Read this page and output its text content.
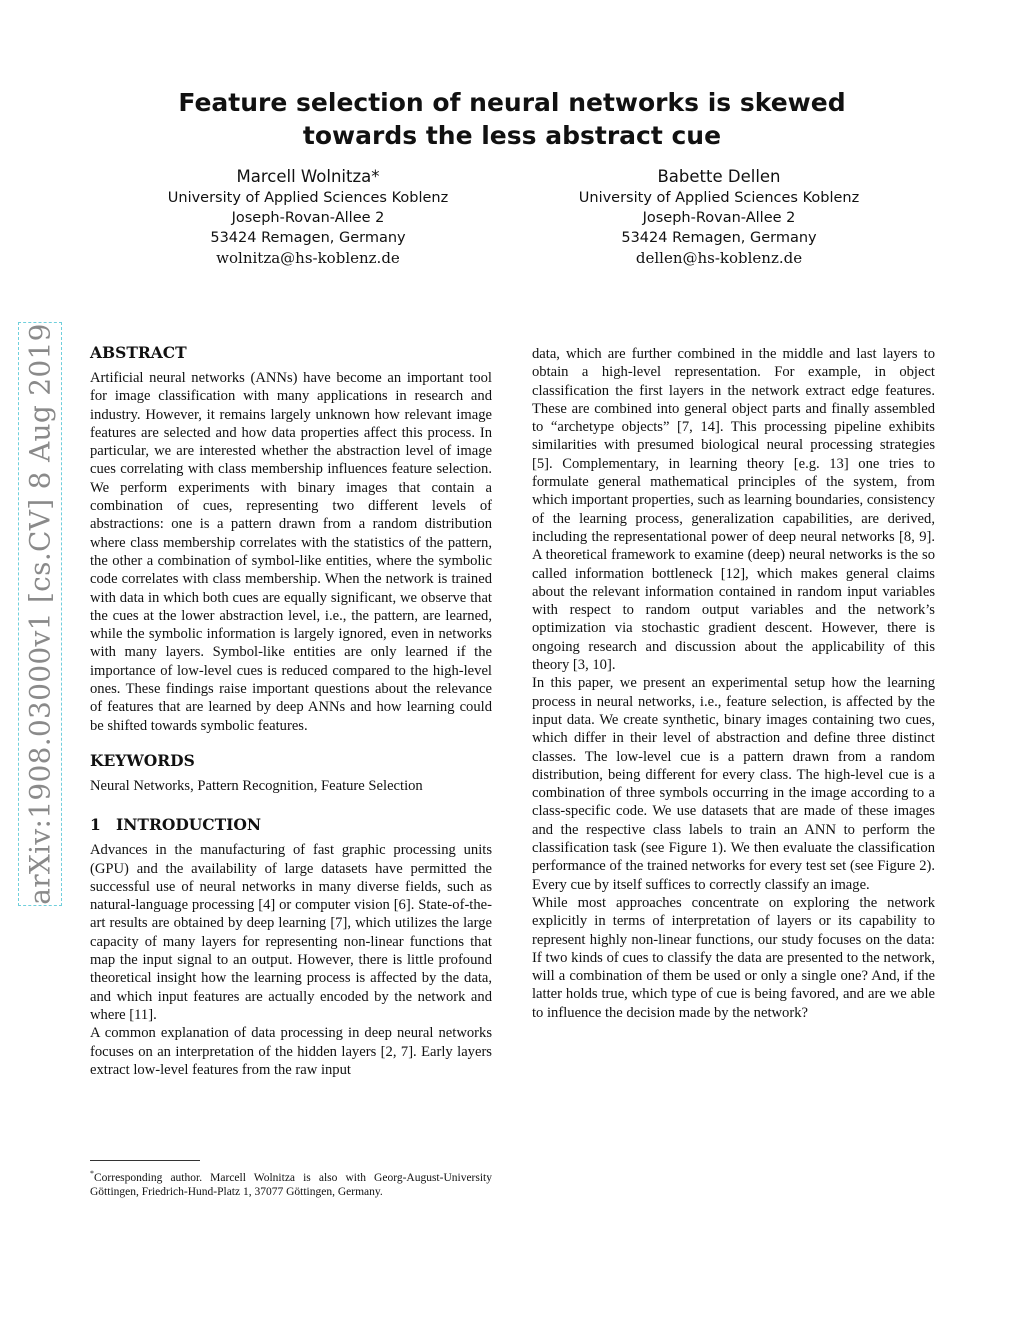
Feature selection of neural networks is skewed
towards the less abstract cue
Marcell Wolnitza*
University of Applied Sciences Koblenz
Joseph-Rovan-Allee 2
53424 Remagen, Germany
wolnitza@hs-koblenz.de
Babette Dellen
University of Applied Sciences Koblenz
Joseph-Rovan-Allee 2
53424 Remagen, Germany
dellen@hs-koblenz.de
arXiv:1908.03000v1 [cs.CV] 8 Aug 2019 ABSTRACT

Artificial neural networks (ANNs) have become an important tool for image classification with many applications in research and industry. However, it remains largely unknown how relevant image features are selected and how data properties affect this process. In particular, we are interested whether the abstraction level of image cues correlating with class membership influences feature selection. We perform experiments with binary images that contain a combination of cues, representing two different levels of abstractions: one is a pattern drawn from a random distribution where class membership correlates with the statistics of the pattern, the other a combination of symbol-like entities, where the symbolic code correlates with class membership. When the network is trained with data in which both cues are equally significant, we observe that the cues at the lower abstraction level, i.e., the pattern, are learned, while the symbolic information is largely ignored, even in networks with many layers. Symbol-like entities are only learned if the importance of low-level cues is reduced compared to the high-level ones. These findings raise important questions about the relevance of features that are learned by deep ANNs and how learning could be shifted towards symbolic features.

KEYWORDS

Neural Networks, Pattern Recognition, Feature Selection

1 INTRODUCTION

Advances in the manufacturing of fast graphic processing units (GPU) and the availability of large datasets have permitted the successful use of neural networks in many diverse fields, such as natural-language processing [4] or computer vision [6]. State-of-the-art results are obtained by deep learning [7], which utilizes the large capacity of many layers for representing non-linear functions that map the input signal to an output. However, there is little profound theoretical insight how the learning process is affected by the data, and which input features are actually encoded by the network and where [11].

A common explanation of data processing in deep neural networks focuses on an interpretation of the hidden layers [2, 7]. Early layers extract low-level features from the raw input

data, which are further combined in the middle and last layers to obtain a high-level representation. For example, in object classification the first layers in the network extract edge features. These are combined into general object parts and finally assembled to “archetype objects” [7, 14]. This processing pipeline exhibits similarities with presumed biological neural processing strategies [5]. Complementary, in learning theory [e.g. 13] one tries to formulate general mathematical principles of the system, from which important properties, such as learning boundaries, consistency of the learning process, generalization capabilities, are derived, including the representational power of deep neural networks [8, 9]. A theoretical framework to examine (deep) neural networks is the so called information bottleneck [12], which makes general claims about the relevant information contained in random input variables with respect to random output variables and the network’s optimization via stochastic gradient descent. However, there is ongoing research and discussion about the applicability of this theory [3, 10].

In this paper, we present an experimental setup how the learning process in neural networks, i.e., feature selection, is affected by the input data. We create synthetic, binary images containing two cues, which differ in their level of abstraction and define three distinct classes. The low-level cue is a pattern drawn from a random distribution, being different for every class. The high-level cue is a combination of three symbols occurring in the image according to a class-specific code. We use datasets that are made of these images and the respective class labels to train an ANN to perform the classification task (see Figure 1). We then evaluate the classification performance of the trained networks for every test set (see Figure 2). Every cue by itself suffices to correctly classify an image.

While most approaches concentrate on exploring the network explicitly in terms of interpretation of layers or its capability to represent highly non-linear functions, our study focuses on the data: If two kinds of cues to classify the data are presented to the network, will a combination of them be used or only a single one? And, if the latter holds true, which type of cue is being favored, and are we able to influence the decision made by the network?

*Corresponding author. Marcell Wolnitza is also with Georg-August-University Göttingen, Friedrich-Hund-Platz 1, 37077 Göttingen, Germany.
